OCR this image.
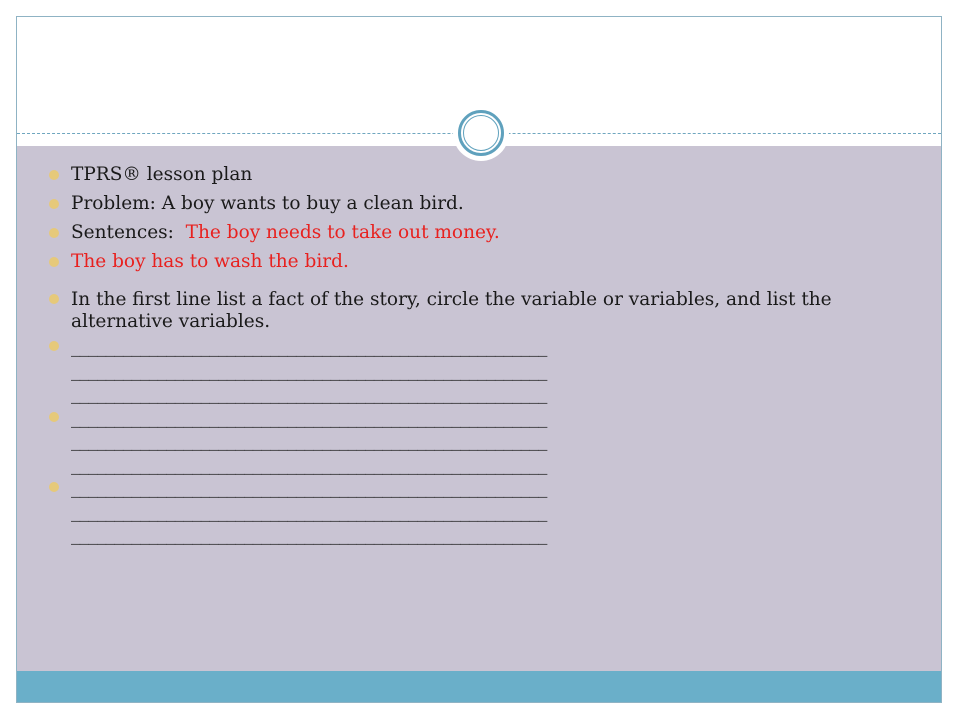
TPRS® lesson plan
Problem: A boy wants to buy a clean bird.
Sentences:  The boy needs to take out money.
The boy has to wash the bird.
In the first line list a fact of the story, circle the variable or variables, and list the alternative variables.
_______________________________________________________
_______________________________________________________
_______________________________________________________
_______________________________________________________
_______________________________________________________
_______________________________________________________
_______________________________________________________
_______________________________________________________
_______________________________________________________
